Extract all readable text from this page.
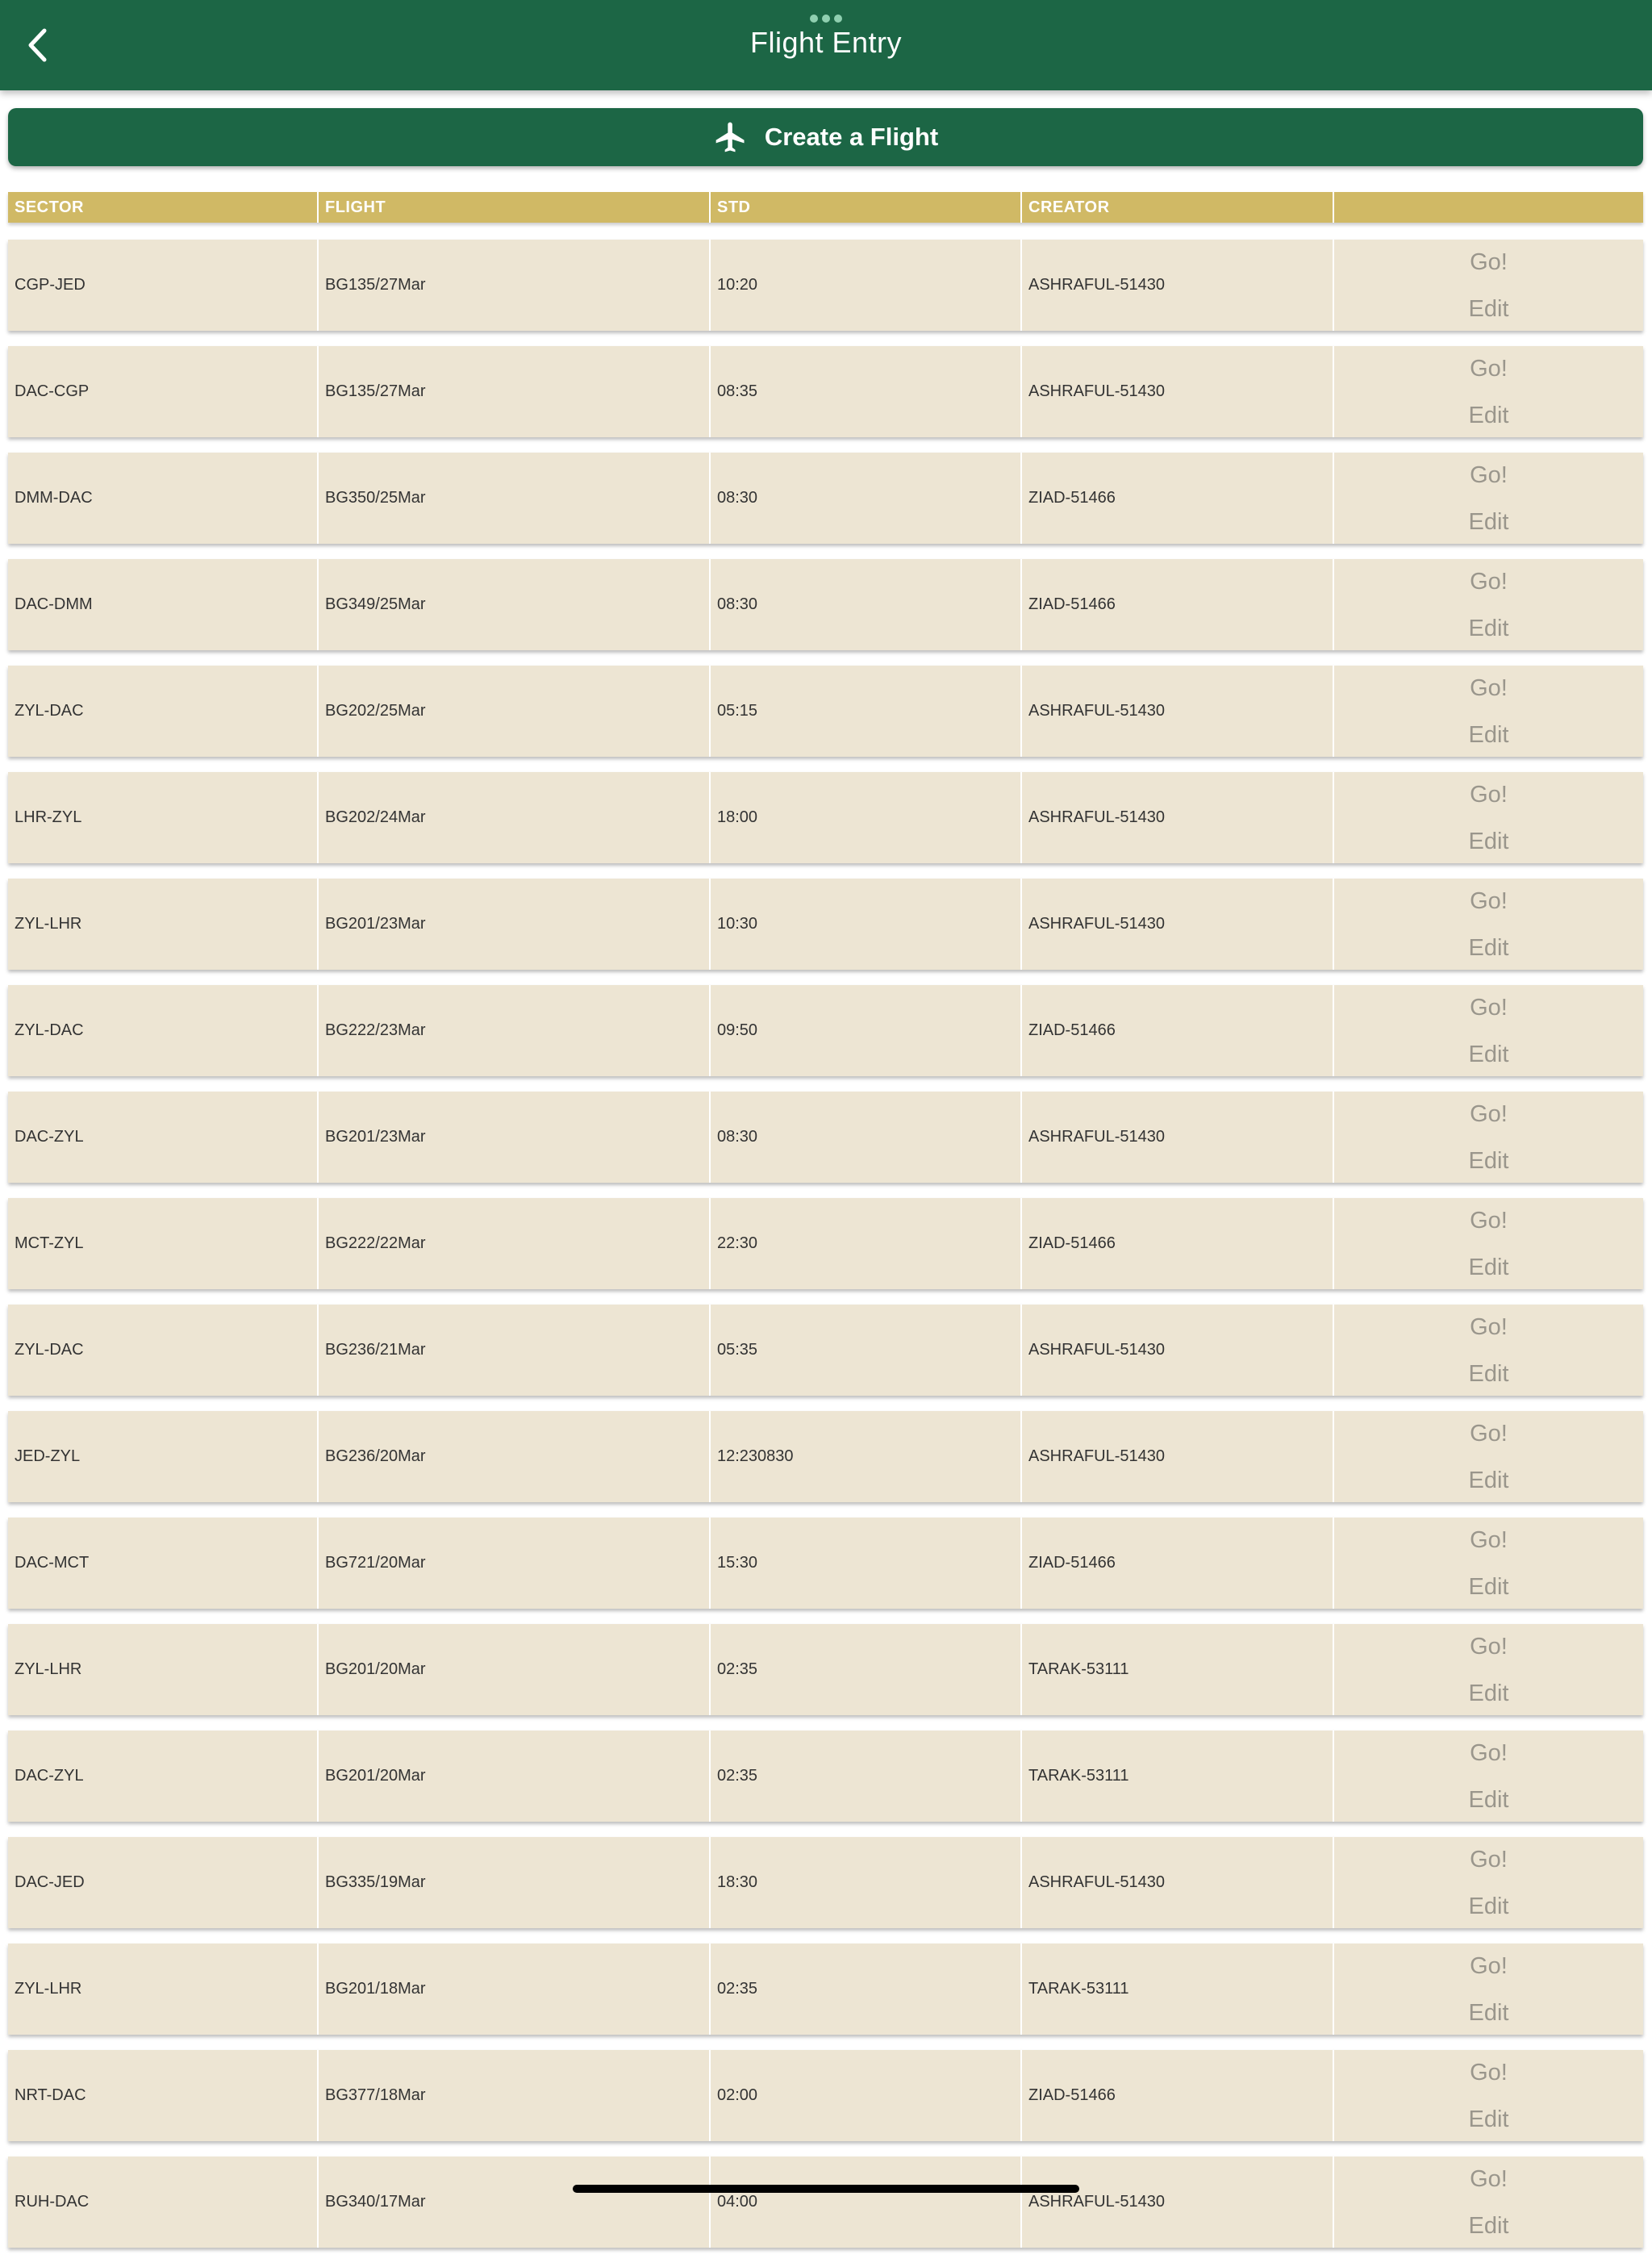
Flight Entry
Create a Flight
SECTOR	FLIGHT	STD	CREATOR
CGP-JED	BG135/27Mar	10:20	ASHRAFUL-51430
Go!
Edit
DAC-CGP	BG135/27Mar	08:35	ASHRAFUL-51430
Go!
Edit
DMM-DAC	BG350/25Mar	08:30	ZIAD-51466
Go!
Edit
DAC-DMM	BG349/25Mar	08:30	ZIAD-51466
Go!
Edit
ZYL-DAC	BG202/25Mar	05:15	ASHRAFUL-51430
Go!
Edit
LHR-ZYL	BG202/24Mar	18:00	ASHRAFUL-51430
Go!
Edit
ZYL-LHR	BG201/23Mar	10:30	ASHRAFUL-51430
Go!
Edit
ZYL-DAC	BG222/23Mar	09:50	ZIAD-51466
Go!
Edit
DAC-ZYL	BG201/23Mar	08:30	ASHRAFUL-51430
Go!
Edit
MCT-ZYL	BG222/22Mar	22:30	ZIAD-51466
Go!
Edit
ZYL-DAC	BG236/21Mar	05:35	ASHRAFUL-51430
Go!
Edit
JED-ZYL	BG236/20Mar	12:230830	ASHRAFUL-51430
Go!
Edit
DAC-MCT	BG721/20Mar	15:30	ZIAD-51466
Go!
Edit
ZYL-LHR	BG201/20Mar	02:35	TARAK-53111
Go!
Edit
DAC-ZYL	BG201/20Mar	02:35	TARAK-53111
Go!
Edit
DAC-JED	BG335/19Mar	18:30	ASHRAFUL-51430
Go!
Edit
ZYL-LHR	BG201/18Mar	02:35	TARAK-53111
Go!
Edit
NRT-DAC	BG377/18Mar	02:00	ZIAD-51466
Go!
Edit
RUH-DAC	BG340/17Mar	04:00	ASHRAFUL-51430
Go!
Edit
